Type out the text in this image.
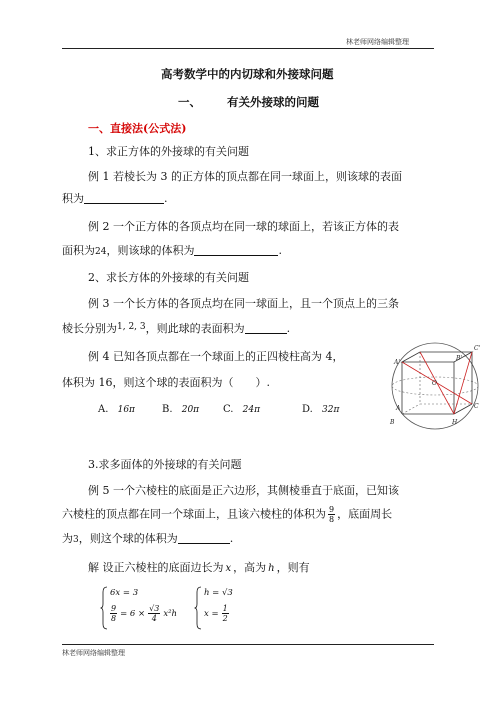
林老师网络编辑整理
高考数学中的内切球和外接球问题
一、 有关外接球的问题
一、直接法(公式法)
1、求正方体的外接球的有关问题
例 1 若棱长为 3 的正方体的顶点都在同一球面上，则该球的表面
积为	.
例 2 一个正方体的各顶点均在同一球的球面上，若该正方体的表
面积为24，则该球的体积为	.
2、求长方体的外接球的有关问题
例 3 一个长方体的各顶点均在同一球面上，且一个顶点上的三条
棱长分别为$^{1, 2, 3}$，则此球的表面积为	.
例 4 已知各顶点都在一个球面上的正四棱柱高为 4，
体积为 16，则这个球的表面积为（　　）.
A. 16π	B. 20π C. 24π	D. 32π
A'
C'
B'
O
B	H
C
A
3.求多面体的外接球的有关问题
例 5 一个六棱柱的底面是正六边形，其侧棱垂直于底面，已知该
六棱柱的顶点都在同一个球面上，且该六棱柱的体积为 $\frac{9}{8}$ ，底面周长
为3，则这个球的体积为	.
解 设正六棱柱的底面边长为 x ，高为 h ，则有
6x = 3
$\frac{9}{8} = 6 \times \frac{√3}{4} x^2h$
h = √3
$x = \frac{1}{2}$
林老师网络编辑整理
